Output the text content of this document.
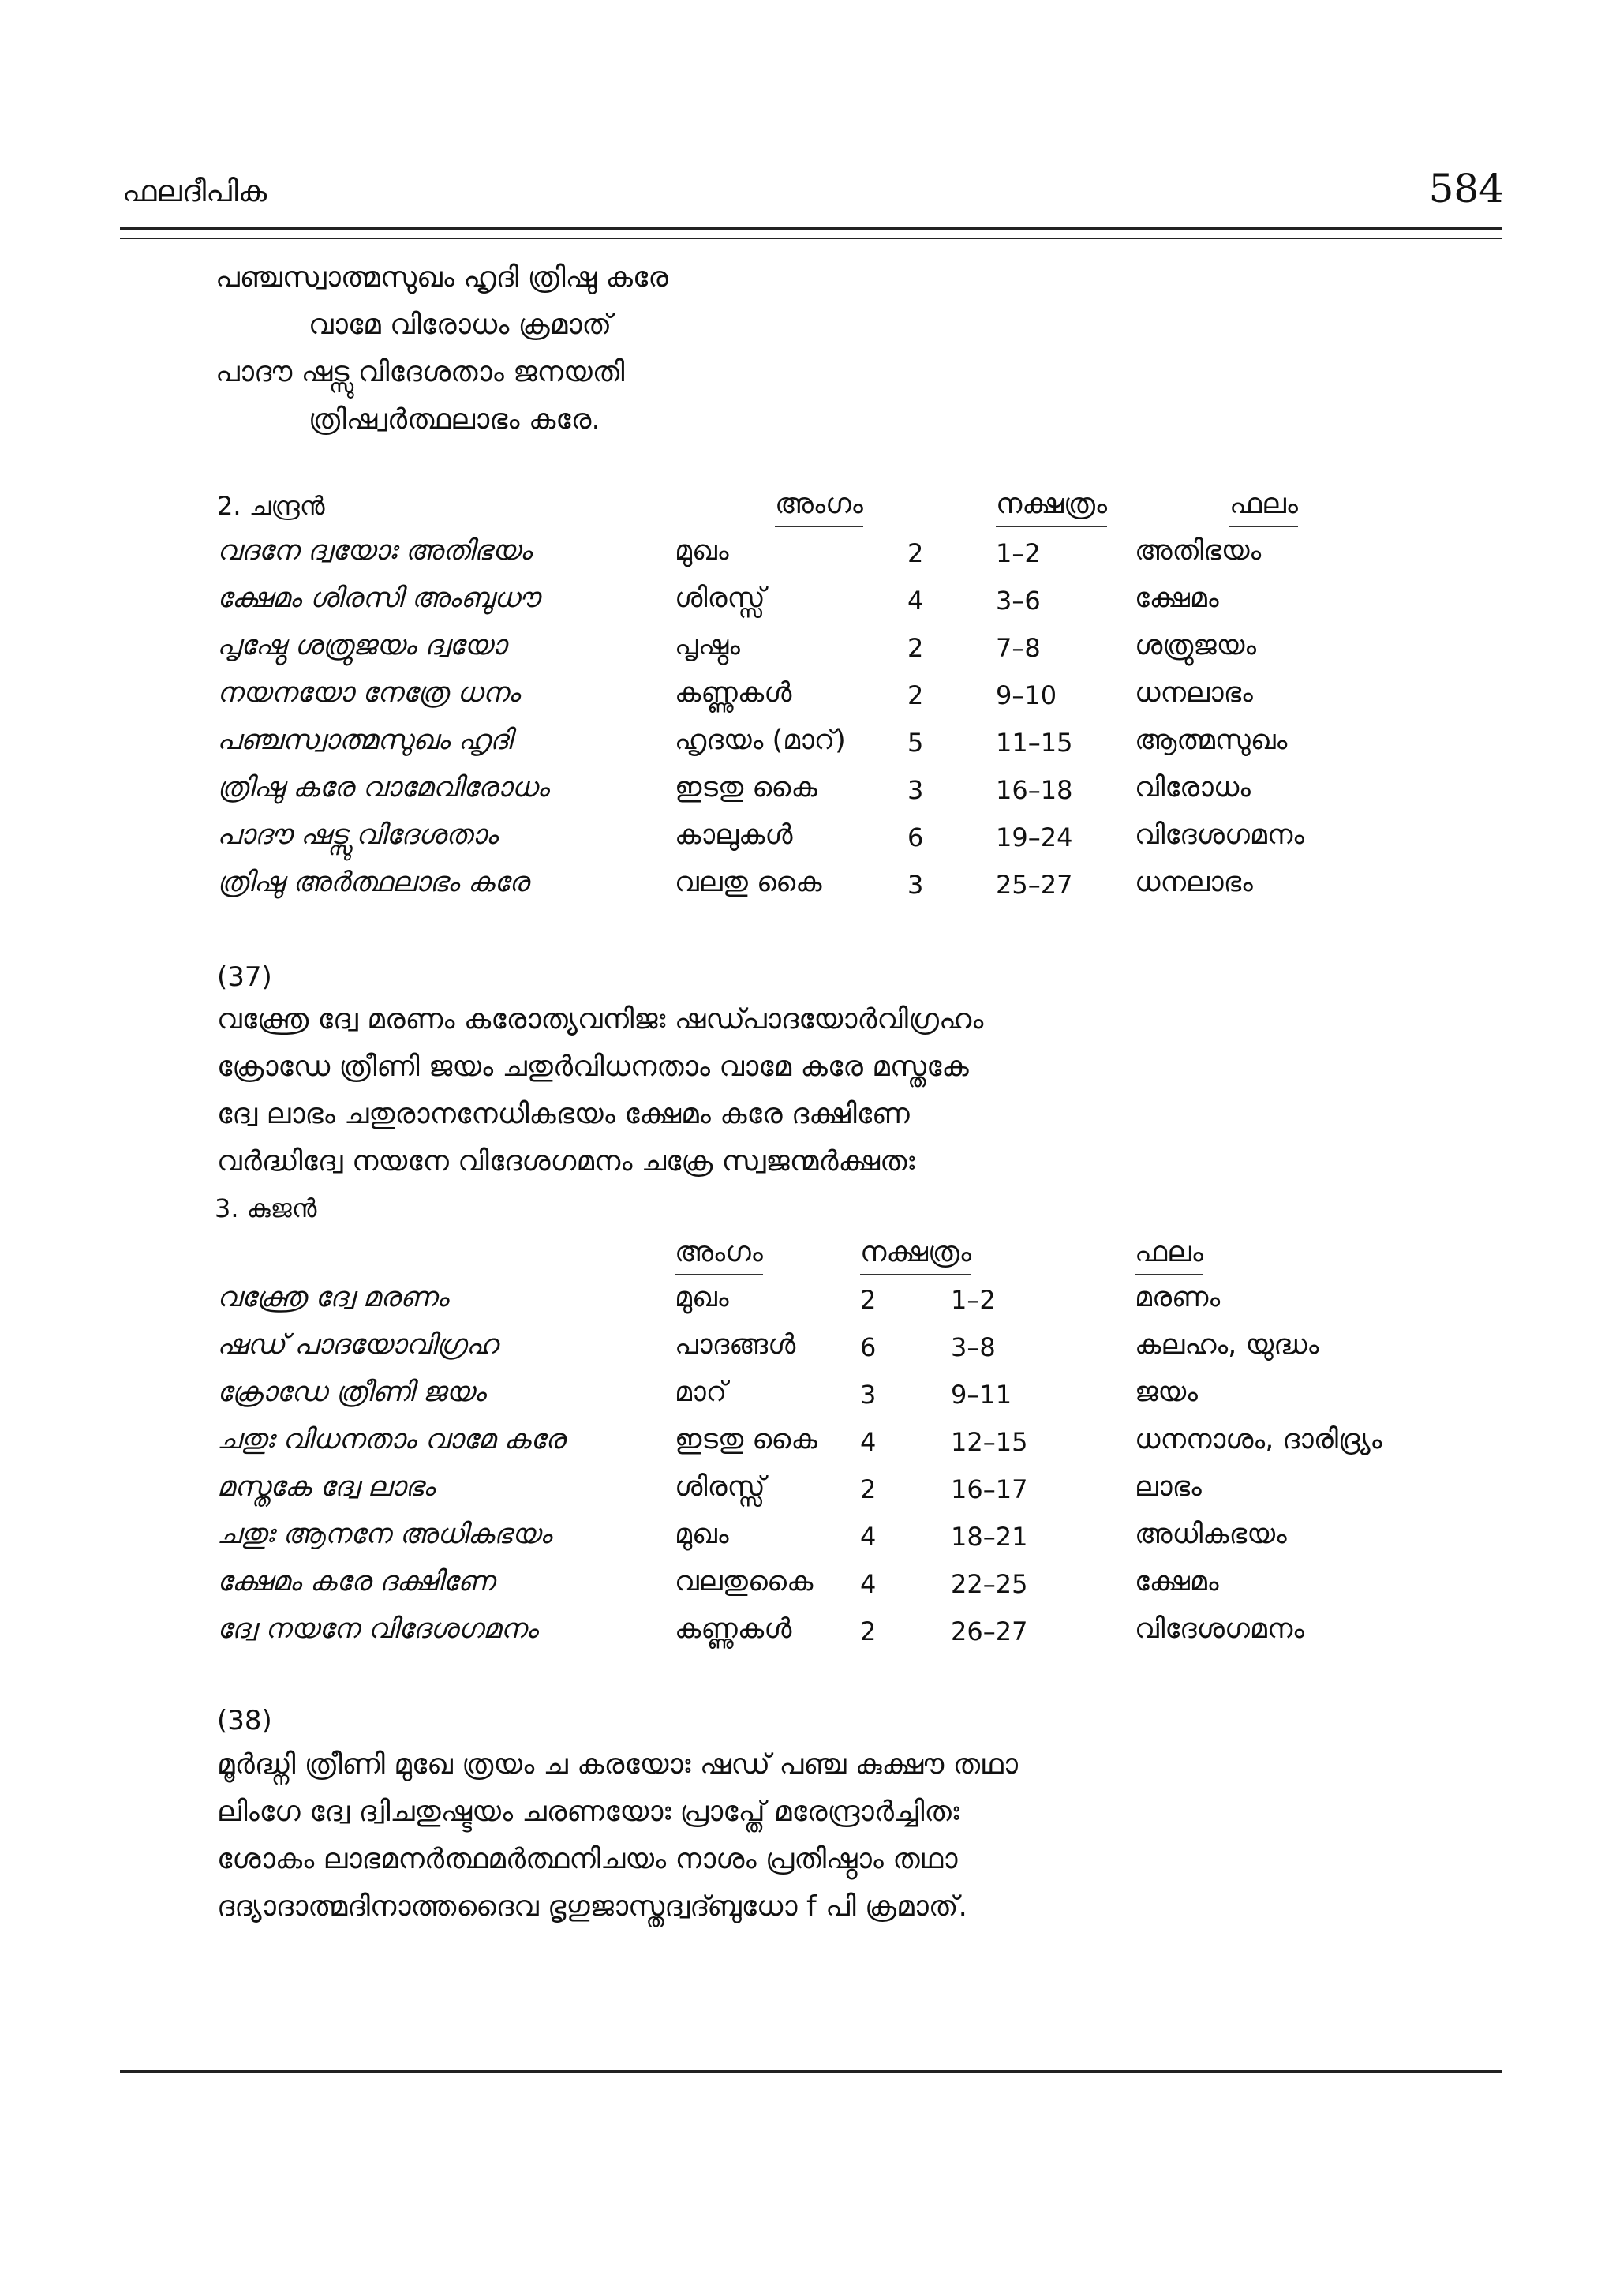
ഫലദീപിക	584
പഞ്ചസ്വാത്മസുഖം ഹൃദി ത്രിഷു കരേ
വാമേ വിരോധം ക്രമാത്
പാദൗ ഷട്സു വിദേശതാം ജനയതി
ത്രിഷ്വർത്ഥലാഭം കരേ.
2. ചന്ദ്രൻ	അംഗം	നക്ഷത്രം	ഫലം
വദനേ ദ്വയോഃ അതിഭയം	മുഖം	2	1–2	അതിഭയം
ക്ഷേമം ശിരസി അംബുധൗ	ശിരസ്സ്	4	3–6	ക്ഷേമം
പൃഷ്ഠേ ശത്രുജയം ദ്വയോ	പൃഷ്ഠം	2	7–8	ശത്രുജയം
നയനയോ നേത്രേ ധനം	കണ്ണുകൾ	2	9–10	ധനലാഭം
പഞ്ചസ്വാത്മസുഖം ഹൃദി	ഹൃദയം (മാറ്) 5	11–15 ആത്മസുഖം
ത്രിഷു കരേ വാമേവിരോധം	ഇടതു കൈ	3	16–18 വിരോധം
പാദൗ ഷട്സു വിദേശതാം	കാലുകൾ	6	19–24 വിദേശഗമനം
ത്രിഷു അർത്ഥലാഭം കരേ	വലതു കൈ	3	25–27 ധനലാഭം
(37)
വക്ത്രേ ദ്വേ മരണം കരോത്യവനിജഃ ഷഡ്പാദയോർവിഗ്രഹം
ക്രോഡേ ത്രീണി ജയം ചതുർവിധനതാം വാമേ കരേ മസ്തകേ
ദ്വേ ലാഭം ചതുരാനനേധികഭയം ക്ഷേമം കരേ ദക്ഷിണേ
വർദ്ധിദ്വേ നയനേ വിദേശഗമനം ചക്രേ സ്വജന്മർക്ഷതഃ
3. കുജൻ
അംഗം	നക്ഷത്രം	ഫലം
വക്ത്രേ ദ്വേ മരണം	മുഖം	2	1–2	മരണം
ഷഡ് പാദയോവിഗ്രഹ	പാദങ്ങൾ	6	3–8	കലഹം, യുദ്ധം
ക്രോഡേ ത്രീണി ജയം	മാറ്	3	9–11	ജയം
ചതുഃ വിധനതാം വാമേ കരേ	ഇടതു കൈ 4	12–15	ധനനാശം, ദാരിദ്ര്യം
മസ്തകേ ദ്വേ ലാഭം	ശിരസ്സ്	2	16–17	ലാഭം
ചതുഃ ആനനേ അധികഭയം	മുഖം	4	18–21	അധികഭയം
ക്ഷേമം കരേ ദക്ഷിണേ	വലതുകൈ 4	22–25	ക്ഷേമം
ദ്വേ നയനേ വിദേശഗമനം	കണ്ണുകൾ	2	26–27	വിദേശഗമനം
(38)
മൂർദ്ധ്നി ത്രീണി മുഖേ ത്രയം ച കരയോഃ ഷഡ് പഞ്ച കുക്ഷൗ തഥാ
ലിംഗേ ദ്വേ ദ്വിചതുഷ്ടയം ചരണയോഃ പ്രാപ്തേ് മരേന്ദ്രാർച്ചിതഃ
ശോകം ലാഭമനർത്ഥമർത്ഥനിചയം നാശം പ്രതിഷ്ഠാം തഥാ
ദദ്യാദാത്മദിനാത്തദൈവ ഭൃഗുജാസ്തദ്വദ്ബുധോ f പി ക്രമാത്.
